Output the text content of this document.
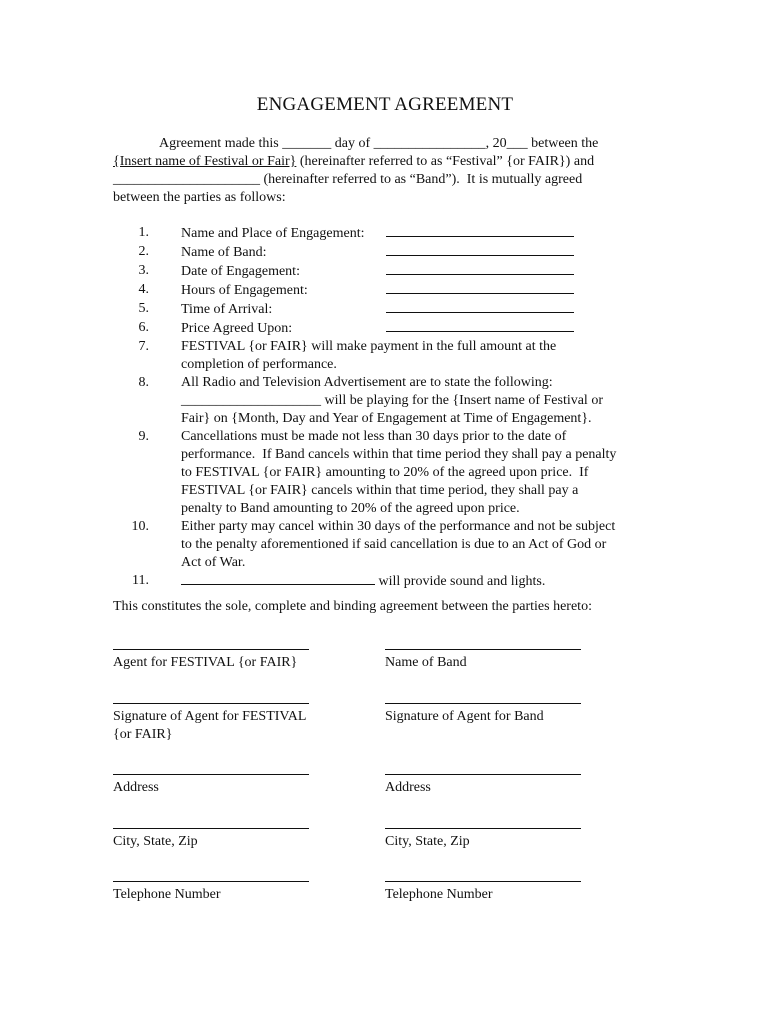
ENGAGEMENT AGREEMENT
Agreement made this _______ day of ________________, 20___ between the
{Insert name of Festival or Fair} (hereinafter referred to as “Festival” {or FAIR}) and
_____________________ (hereinafter referred to as “Band”).  It is mutually agreed
between the parties as follows:
1. Name and Place of Engagement:
2. Name of Band:
3. Date of Engagement:
4. Hours of Engagement:
5. Time of Arrival:
6. Price Agreed Upon:
7. FESTIVAL {or FAIR} will make payment in the full amount at the
completion of performance.
8. All Radio and Television Advertisement are to state the following:
____________________ will be playing for the {Insert name of Festival or
Fair} on {Month, Day and Year of Engagement at Time of Engagement}.
9. Cancellations must be made not less than 30 days prior to the date of
performance.  If Band cancels within that time period they shall pay a penalty
to FESTIVAL {or FAIR} amounting to 20% of the agreed upon price.  If
FESTIVAL {or FAIR} cancels within that time period, they shall pay a
penalty to Band amounting to 20% of the agreed upon price.
10. Either party may cancel within 30 days of the performance and not be subject
to the penalty aforementioned if said cancellation is due to an Act of God or
Act of War.
11.	will provide sound and lights.
This constitutes the sole, complete and binding agreement between the parties hereto:
Agent for FESTIVAL {or FAIR}
Signature of Agent for FESTIVAL
{or FAIR}
Address
City, State, Zip
Telephone Number
Name of Band
Signature of Agent for Band
Address
City, State, Zip
Telephone Number
